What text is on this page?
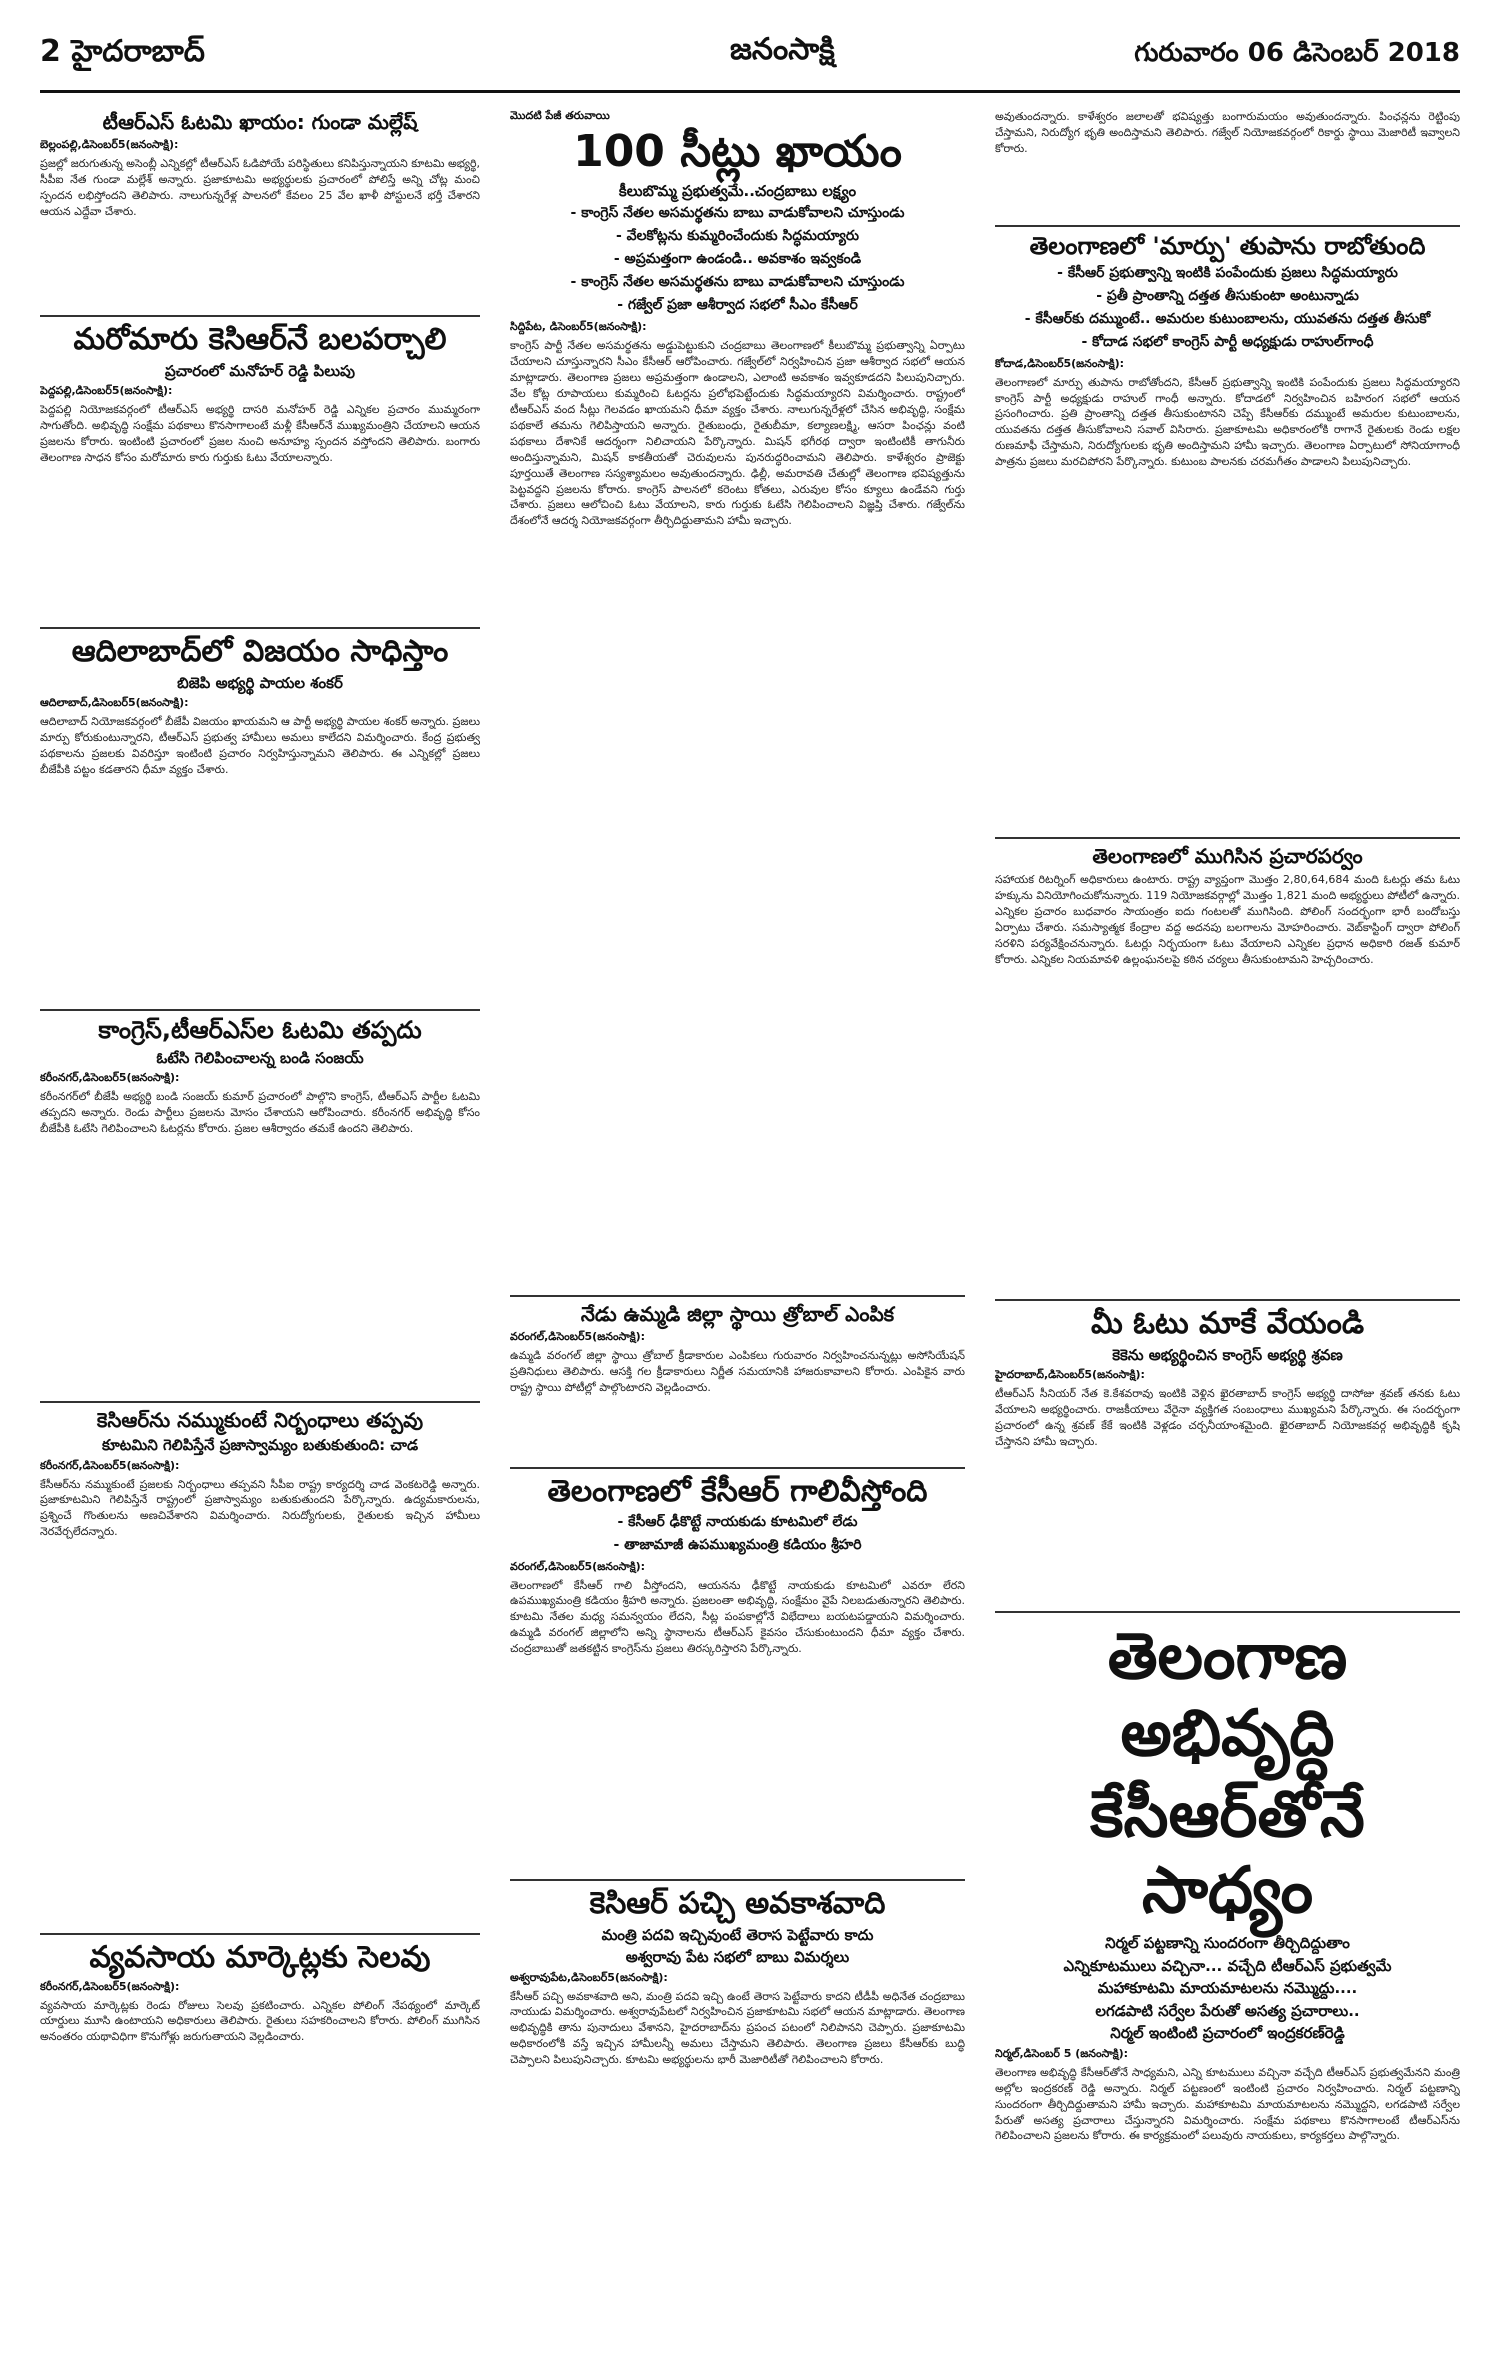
2 హైదరాబాద్	జనంసాక్షి	గురువారం 06 డిసెంబర్ 2018
టీఆర్ఎస్ ఓటమి ఖాయం: గుండా మల్లేష్
బెల్లంపల్లి,డిసెంబర్5(జనంసాక్షి):

ప్రజల్లో జరుగుతున్న అసెంబ్లీ ఎన్నికల్లో టీఆర్ఎస్ ఓడిపోయే పరిస్థితులు కనిపిస్తున్నాయని కూటమి అభ్యర్థి, సీపీఐ నేత గుండా మల్లేశ్ అన్నారు. ప్రజాకూటమి అభ్యర్థులకు ప్రచారంలో పోలిస్తే అన్ని చోట్ల మంచి స్పందన లభిస్తోందని తెలిపారు. నాలుగున్నరేళ్ల పాలనలో కేవలం 25 వేల ఖాళీ పోస్టులనే భర్తీ చేశారని ఆయన ఎద్దేవా చేశారు.

మరోమారు కెసిఆర్‌నే బలపర్చాలి
ప్రచారంలో మనోహర్ రెడ్డి పిలుపు
పెద్దపల్లి,డిసెంబర్5(జనంసాక్షి):

పెద్దపల్లి నియోజకవర్గంలో టీఆర్ఎస్ అభ్యర్థి దాసరి మనోహర్ రెడ్డి ఎన్నికల ప్రచారం ముమ్మరంగా సాగుతోంది. అభివృద్ధి సంక్షేమ పథకాలు కొనసాగాలంటే మళ్లీ కేసీఆర్‌నే ముఖ్యమంత్రిని చేయాలని ఆయన ప్రజలను కోరారు. ఇంటింటి ప్రచారంలో ప్రజల నుంచి అనూహ్య స్పందన వస్తోందని తెలిపారు. బంగారు తెలంగాణ సాధన కోసం మరోమారు కారు గుర్తుకు ఓటు వేయాలన్నారు.

ఆదిలాబాద్‌లో విజయం సాధిస్తాం
బిజెపి అభ్యర్థి పాయల శంకర్
ఆదిలాబాద్,డిసెంబర్5(జనంసాక్షి):

ఆదిలాబాద్ నియోజకవర్గంలో బీజేపీ విజయం ఖాయమని ఆ పార్టీ అభ్యర్థి పాయల శంకర్ అన్నారు. ప్రజలు మార్పు కోరుకుంటున్నారని, టీఆర్ఎస్ ప్రభుత్వ హామీలు అమలు కాలేదని విమర్శించారు. కేంద్ర ప్రభుత్వ పథకాలను ప్రజలకు వివరిస్తూ ఇంటింటి ప్రచారం నిర్వహిస్తున్నామని తెలిపారు. ఈ ఎన్నికల్లో ప్రజలు బీజేపీకి పట్టం కడతారని ధీమా వ్యక్తం చేశారు.

కాంగ్రెస్,టీఆర్ఎస్‌ల ఓటమి తప్పదు
ఓటేసి గెలిపించాలన్న బండి సంజయ్
కరీంనగర్,డిసెంబర్5(జనంసాక్షి):

కరీంనగర్‌లో బీజేపీ అభ్యర్థి బండి సంజయ్ కుమార్ ప్రచారంలో పాల్గొని కాంగ్రెస్, టీఆర్ఎస్ పార్టీల ఓటమి తప్పదని అన్నారు. రెండు పార్టీలు ప్రజలను మోసం చేశాయని ఆరోపించారు. కరీంనగర్ అభివృద్ధి కోసం బీజేపీకి ఓటేసి గెలిపించాలని ఓటర్లను కోరారు. ప్రజల ఆశీర్వాదం తమకే ఉందని తెలిపారు.

కెసిఆర్‌ను నమ్ముకుంటే నిర్బంధాలు తప్పవు
కూటమిని గెలిపిస్తేనే ప్రజాస్వామ్యం బతుకుతుంది: చాడ
కరీంనగర్,డిసెంబర్5(జనంసాక్షి):

కేసీఆర్‌ను నమ్ముకుంటే ప్రజలకు నిర్బంధాలు తప్పవని సీపీఐ రాష్ట్ర కార్యదర్శి చాడ వెంకటరెడ్డి అన్నారు. ప్రజాకూటమిని గెలిపిస్తేనే రాష్ట్రంలో ప్రజాస్వామ్యం బతుకుతుందని పేర్కొన్నారు. ఉద్యమకారులను, ప్రశ్నించే గొంతులను అణచివేశారని విమర్శించారు. నిరుద్యోగులకు, రైతులకు ఇచ్చిన హామీలు నెరవేర్చలేదన్నారు.

వ్యవసాయ మార్కెట్లకు సెలవు
కరీంనగర్,డిసెంబర్5(జనంసాక్షి):

వ్యవసాయ మార్కెట్లకు రెండు రోజులు సెలవు ప్రకటించారు. ఎన్నికల పోలింగ్ నేపథ్యంలో మార్కెట్ యార్డులు మూసి ఉంటాయని అధికారులు తెలిపారు. రైతులు సహకరించాలని కోరారు. పోలింగ్ ముగిసిన అనంతరం యథావిధిగా కొనుగోళ్లు జరుగుతాయని వెల్లడించారు.

మొదటి పేజీ తరువాయి
100 సీట్లు ఖాయం
కీలుబొమ్మ ప్రభుత్వమే..చంద్రబాబు లక్ష్యం
- కాంగ్రెస్ నేతల అసమర్థతను బాబు వాడుకోవాలని చూస్తుండు
- వేలకోట్లను కుమ్మరించేందుకు సిద్ధమయ్యారు
- అప్రమత్తంగా ఉండండి.. అవకాశం ఇవ్వకండి
- కాంగ్రెస్ నేతల అసమర్థతను బాబు వాడుకోవాలని చూస్తుండు
- గజ్వేల్ ప్రజా ఆశీర్వాద సభలో సీఎం కేసీఆర్
సిద్దిపేట, డిసెంబర్5(జనంసాక్షి):

కాంగ్రెస్ పార్టీ నేతల అసమర్థతను అడ్డుపెట్టుకుని చంద్రబాబు తెలంగాణలో కీలుబొమ్మ ప్రభుత్వాన్ని ఏర్పాటు చేయాలని చూస్తున్నారని సీఎం కేసీఆర్ ఆరోపించారు. గజ్వేల్‌లో నిర్వహించిన ప్రజా ఆశీర్వాద సభలో ఆయన మాట్లాడారు. తెలంగాణ ప్రజలు అప్రమత్తంగా ఉండాలని, ఎలాంటి అవకాశం ఇవ్వకూడదని పిలుపునిచ్చారు. వేల కోట్ల రూపాయలు కుమ్మరించి ఓటర్లను ప్రలోభపెట్టేందుకు సిద్ధమయ్యారని విమర్శించారు. రాష్ట్రంలో టీఆర్ఎస్ వంద సీట్లు గెలవడం ఖాయమని ధీమా వ్యక్తం చేశారు. నాలుగున్నరేళ్లలో చేసిన అభివృద్ధి, సంక్షేమ పథకాలే తమను గెలిపిస్తాయని అన్నారు. రైతుబంధు, రైతుబీమా, కల్యాణలక్ష్మి, ఆసరా పింఛన్లు వంటి పథకాలు దేశానికే ఆదర్శంగా నిలిచాయని పేర్కొన్నారు. మిషన్ భగీరథ ద్వారా ఇంటింటికీ తాగునీరు అందిస్తున్నామని, మిషన్ కాకతీయతో చెరువులను పునరుద్ధరించామని తెలిపారు. కాళేశ్వరం ప్రాజెక్టు పూర్తయితే తెలంగాణ సస్యశ్యామలం అవుతుందన్నారు. ఢిల్లీ, అమరావతి చేతుల్లో తెలంగాణ భవిష్యత్తును పెట్టవద్దని ప్రజలను కోరారు. కాంగ్రెస్ పాలనలో కరెంటు కోతలు, ఎరువుల కోసం క్యూలు ఉండేవని గుర్తు చేశారు. ప్రజలు ఆలోచించి ఓటు వేయాలని, కారు గుర్తుకు ఓటేసి గెలిపించాలని విజ్ఞప్తి చేశారు. గజ్వేల్‌ను దేశంలోనే ఆదర్శ నియోజకవర్గంగా తీర్చిదిద్దుతామని హామీ ఇచ్చారు.

నేడు ఉమ్మడి జిల్లా స్థాయి త్రోబాల్ ఎంపిక
వరంగల్,డిసెంబర్5(జనంసాక్షి):

ఉమ్మడి వరంగల్ జిల్లా స్థాయి త్రోబాల్ క్రీడాకారుల ఎంపికలు గురువారం నిర్వహించనున్నట్లు అసోసియేషన్ ప్రతినిధులు తెలిపారు. ఆసక్తి గల క్రీడాకారులు నిర్ణీత సమయానికి హాజరుకావాలని కోరారు. ఎంపికైన వారు రాష్ట్ర స్థాయి పోటీల్లో పాల్గొంటారని వెల్లడించారు.

తెలంగాణలో కేసీఆర్ గాలివీస్తోంది
- కేసీఆర్ ఢీకొట్టే నాయకుడు కూటమిలో లేడు
- తాజామాజీ ఉపముఖ్యమంత్రి కడియం శ్రీహరి
వరంగల్,డిసెంబర్5(జనంసాక్షి):

తెలంగాణలో కేసీఆర్ గాలి వీస్తోందని, ఆయనను ఢీకొట్టే నాయకుడు కూటమిలో ఎవరూ లేరని ఉపముఖ్యమంత్రి కడియం శ్రీహరి అన్నారు. ప్రజలంతా అభివృద్ధి, సంక్షేమం వైపే నిలబడుతున్నారని తెలిపారు. కూటమి నేతల మధ్య సమన్వయం లేదని, సీట్ల పంపకాల్లోనే విభేదాలు బయటపడ్డాయని విమర్శించారు. ఉమ్మడి వరంగల్ జిల్లాలోని అన్ని స్థానాలను టీఆర్ఎస్ కైవసం చేసుకుంటుందని ధీమా వ్యక్తం చేశారు. చంద్రబాబుతో జతకట్టిన కాంగ్రెస్‌ను ప్రజలు తిరస్కరిస్తారని పేర్కొన్నారు.

కెసిఆర్ పచ్చి అవకాశవాది
మంత్రి పదవి ఇచ్చివుంటే తెరాస పెట్టేవారు కాదు
అశ్వరావు పేట సభలో బాబు విమర్శలు
అశ్వరావుపేట,డిసెంబర్5(జనంసాక్షి):

కేసీఆర్ పచ్చి అవకాశవాది అని, మంత్రి పదవి ఇచ్చి ఉంటే తెరాస పెట్టేవారు కాదని టీడీపీ అధినేత చంద్రబాబు నాయుడు విమర్శించారు. అశ్వరావుపేటలో నిర్వహించిన ప్రజాకూటమి సభలో ఆయన మాట్లాడారు. తెలంగాణ అభివృద్ధికి తాను పునాదులు వేశానని, హైదరాబాద్‌ను ప్రపంచ పటంలో నిలిపానని చెప్పారు. ప్రజాకూటమి అధికారంలోకి వస్తే ఇచ్చిన హామీలన్నీ అమలు చేస్తామని తెలిపారు. తెలంగాణ ప్రజలు కేసీఆర్‌కు బుద్ధి చెప్పాలని పిలుపునిచ్చారు. కూటమి అభ్యర్థులను భారీ మెజారిటీతో గెలిపించాలని కోరారు.

అవుతుందన్నారు. కాళేశ్వరం జలాలతో భవిష్యత్తు బంగారుమయం అవుతుందన్నారు. పింఛన్లను రెట్టింపు చేస్తామని, నిరుద్యోగ భృతి అందిస్తామని తెలిపారు. గజ్వేల్ నియోజకవర్గంలో రికార్డు స్థాయి మెజారిటీ ఇవ్వాలని కోరారు.

తెలంగాణలో 'మార్పు' తుపాను రాబోతుంది
- కేసీఆర్ ప్రభుత్వాన్ని ఇంటికి పంపేందుకు ప్రజలు సిద్ధమయ్యారు
- ప్రతీ ప్రాంతాన్ని దత్తత తీసుకుంటా అంటున్నాడు
- కేసీఆర్‌కు దమ్ముంటే.. అమరుల కుటుంబాలను, యువతను దత్తత తీసుకో
- కోదాడ సభలో కాంగ్రెస్ పార్టీ అధ్యక్షుడు రాహుల్‌గాంధీ
కోదాడ,డిసెంబర్5(జనంసాక్షి):

తెలంగాణలో మార్పు తుపాను రాబోతోందని, కేసీఆర్ ప్రభుత్వాన్ని ఇంటికి పంపేందుకు ప్రజలు సిద్ధమయ్యారని కాంగ్రెస్ పార్టీ అధ్యక్షుడు రాహుల్ గాంధీ అన్నారు. కోదాడలో నిర్వహించిన బహిరంగ సభలో ఆయన ప్రసంగించారు. ప్రతి ప్రాంతాన్ని దత్తత తీసుకుంటానని చెప్పే కేసీఆర్‌కు దమ్ముంటే అమరుల కుటుంబాలను, యువతను దత్తత తీసుకోవాలని సవాల్ విసిరారు. ప్రజాకూటమి అధికారంలోకి రాగానే రైతులకు రెండు లక్షల రుణమాఫీ చేస్తామని, నిరుద్యోగులకు భృతి అందిస్తామని హామీ ఇచ్చారు. తెలంగాణ ఏర్పాటులో సోనియాగాంధీ పాత్రను ప్రజలు మరచిపోరని పేర్కొన్నారు. కుటుంబ పాలనకు చరమగీతం పాడాలని పిలుపునిచ్చారు.

తెలంగాణలో ముగిసిన ప్రచారపర్వం

సహాయక రిటర్నింగ్ అధికారులు ఉంటారు. రాష్ట్ర వ్యాప్తంగా మొత్తం 2,80,64,684 మంది ఓటర్లు తమ ఓటు హక్కును వినియోగించుకోనున్నారు. 119 నియోజకవర్గాల్లో మొత్తం 1,821 మంది అభ్యర్థులు పోటీలో ఉన్నారు. ఎన్నికల ప్రచారం బుధవారం సాయంత్రం ఐదు గంటలతో ముగిసింది. పోలింగ్ సందర్భంగా భారీ బందోబస్తు ఏర్పాటు చేశారు. సమస్యాత్మక కేంద్రాల వద్ద అదనపు బలగాలను మోహరించారు. వెబ్‌కాస్టింగ్ ద్వారా పోలింగ్ సరళిని పర్యవేక్షించనున్నారు. ఓటర్లు నిర్భయంగా ఓటు వేయాలని ఎన్నికల ప్రధాన అధికారి రజత్ కుమార్ కోరారు. ఎన్నికల నియమావళి ఉల్లంఘనలపై కఠిన చర్యలు తీసుకుంటామని హెచ్చరించారు.

మీ ఓటు మాకే వేయండి
కెకెను అభ్యర్థించిన కాంగ్రెస్ అభ్యర్థి శ్రవణ
హైదరాబాద్,డిసెంబర్5(జనంసాక్షి):

టీఆర్ఎస్ సీనియర్ నేత కె.కేశవరావు ఇంటికి వెళ్లిన ఖైరతాబాద్ కాంగ్రెస్ అభ్యర్థి దాసోజు శ్రవణ్ తనకు ఓటు వేయాలని అభ్యర్థించారు. రాజకీయాలు వేరైనా వ్యక్తిగత సంబంధాలు ముఖ్యమని పేర్కొన్నారు. ఈ సందర్భంగా ప్రచారంలో ఉన్న శ్రవణ్ కేకే ఇంటికి వెళ్లడం చర్చనీయాంశమైంది. ఖైరతాబాద్ నియోజకవర్గ అభివృద్ధికి కృషి చేస్తానని హామీ ఇచ్చారు.

తెలంగాణ అభివృద్ధి
కేసీఆర్‌తోనే సాధ్యం
నిర్మల్ పట్టణాన్ని సుందరంగా తీర్చిదిద్దుతాం
ఎన్నికూటములు వచ్చినా... వచ్చేది టీఆర్ఎస్ ప్రభుత్వమే
మహాకూటమి మాయమాటలను నమ్మొద్దు....
లగడపాటి సర్వేల పేరుతో అసత్య ప్రచారాలు..
నిర్మల్ ఇంటింటి ప్రచారంలో ఇంద్రకరణ్‌రెడ్డి
నిర్మల్,డిసెంబర్ 5 (జనంసాక్షి):

తెలంగాణ అభివృద్ధి కేసీఆర్‌తోనే సాధ్యమని, ఎన్ని కూటములు వచ్చినా వచ్చేది టీఆర్ఎస్ ప్రభుత్వమేనని మంత్రి అల్లోల ఇంద్రకరణ్ రెడ్డి అన్నారు. నిర్మల్ పట్టణంలో ఇంటింటి ప్రచారం నిర్వహించారు. నిర్మల్ పట్టణాన్ని సుందరంగా తీర్చిదిద్దుతామని హామీ ఇచ్చారు. మహాకూటమి మాయమాటలను నమ్మొద్దని, లగడపాటి సర్వేల పేరుతో అసత్య ప్రచారాలు చేస్తున్నారని విమర్శించారు. సంక్షేమ పథకాలు కొనసాగాలంటే టీఆర్ఎస్‌ను గెలిపించాలని ప్రజలను కోరారు. ఈ కార్యక్రమంలో పలువురు నాయకులు, కార్యకర్తలు పాల్గొన్నారు.
